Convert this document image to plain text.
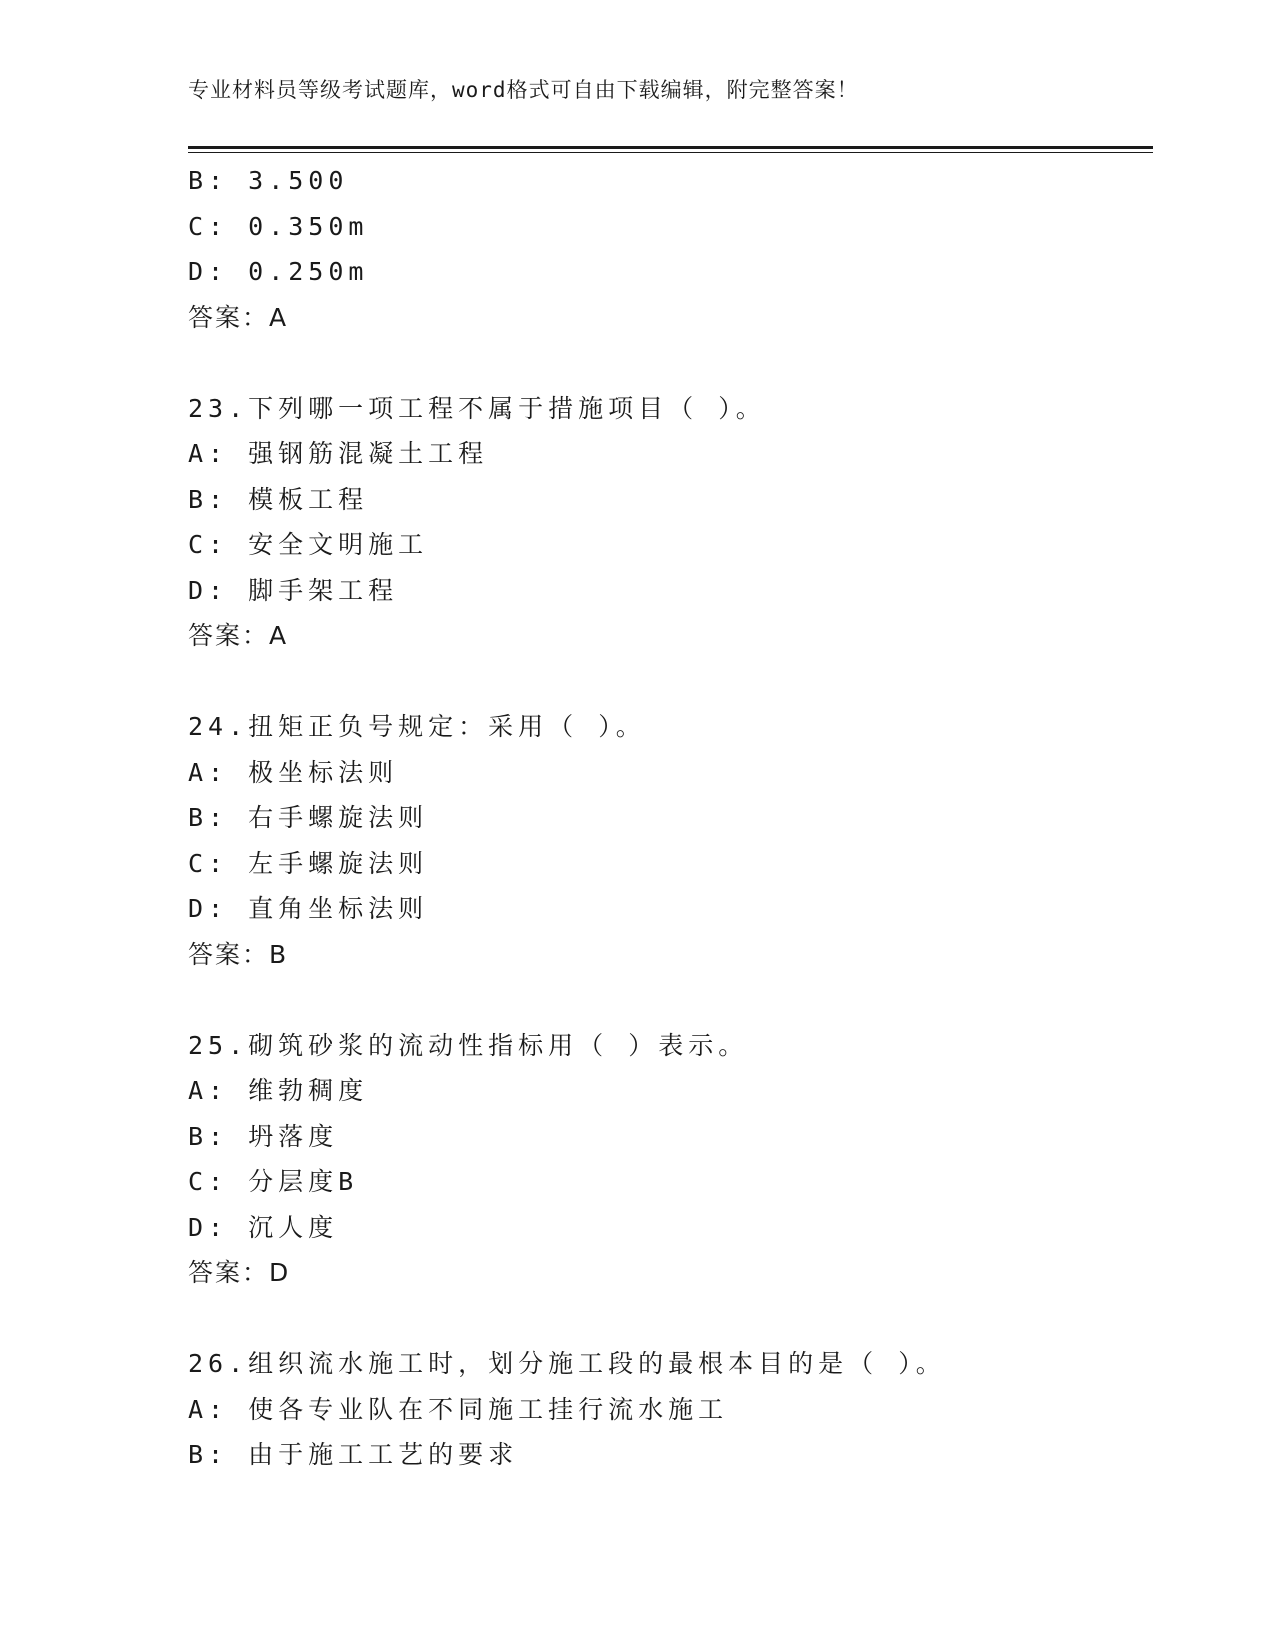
专业材料员等级考试题库，word格式可自由下载编辑，附完整答案！
B: 3.500
C: 0.350m
D: 0.250m
答案：A
23.下列哪一项工程不属于措施项目（ ）。
A: 强钢筋混凝土工程
B: 模板工程
C: 安全文明施工
D: 脚手架工程
答案：A
24.扭矩正负号规定：采用（ ）。
A: 极坐标法则
B: 右手螺旋法则
C: 左手螺旋法则
D: 直角坐标法则
答案：B
25.砌筑砂浆的流动性指标用（ ）表示。
A: 维勃稠度
B: 坍落度
C: 分层度B
D: 沉人度
答案：D
26.组织流水施工时，划分施工段的最根本目的是（ ）。
A: 使各专业队在不同施工挂行流水施工
B: 由于施工工艺的要求
